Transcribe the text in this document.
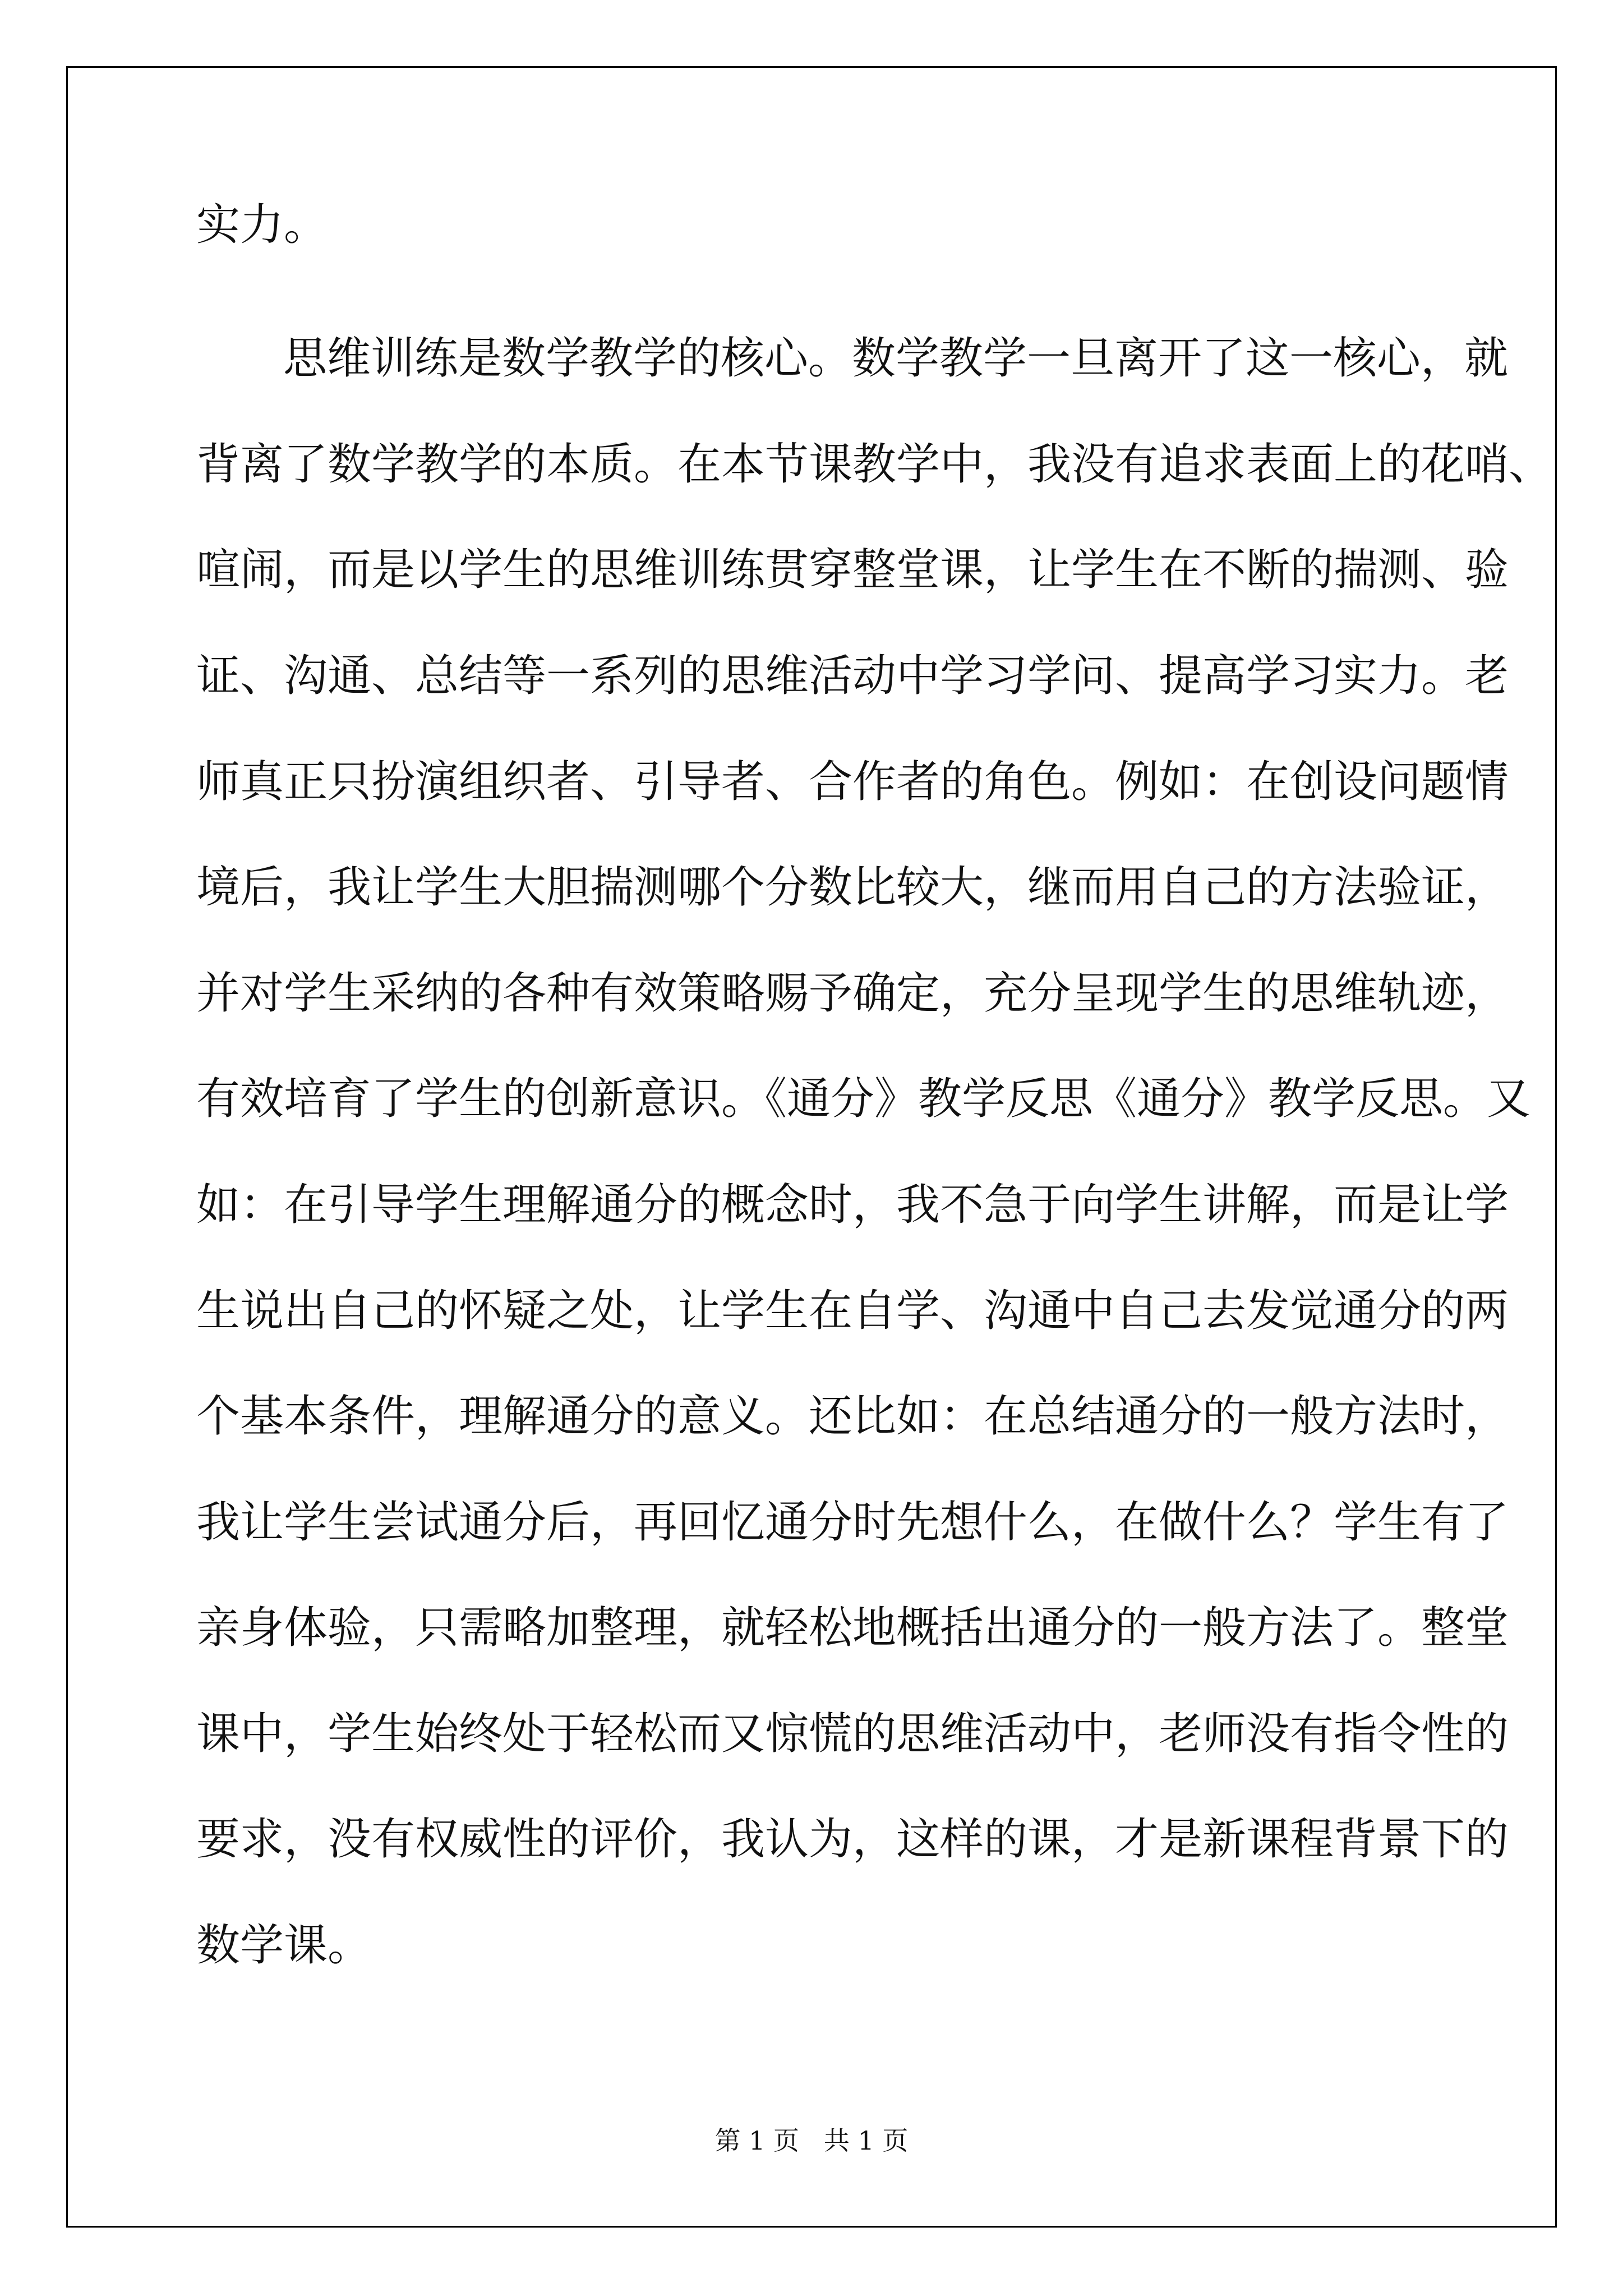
实力。

思维训练是数学教学的核心。数学教学一旦离开了这一核心，就

背离了数学教学的本质。在本节课教学中，我没有追求表面上的花哨、

喧闹，而是以学生的思维训练贯穿整堂课，让学生在不断的揣测、验

证、沟通、总结等一系列的思维活动中学习学问、提高学习实力。老

师真正只扮演组织者、引导者、合作者的角色。例如：在创设问题情

境后，我让学生大胆揣测哪个分数比较大，继而用自己的方法验证，

并对学生采纳的各种有效策略赐予确定，充分呈现学生的思维轨迹，

有效培育了学生的创新意识。《通分》教学反思《通分》教学反思。又

如：在引导学生理解通分的概念时，我不急于向学生讲解，而是让学

生说出自己的怀疑之处，让学生在自学、沟通中自己去发觉通分的两

个基本条件，理解通分的意义。还比如：在总结通分的一般方法时，

我让学生尝试通分后，再回忆通分时先想什么，在做什么？学生有了

亲身体验，只需略加整理，就轻松地概括出通分的一般方法了。整堂

课中，学生始终处于轻松而又惊慌的思维活动中，老师没有指令性的

要求，没有权威性的评价，我认为，这样的课，才是新课程背景下的

数学课。

第 1 页   共 1 页
